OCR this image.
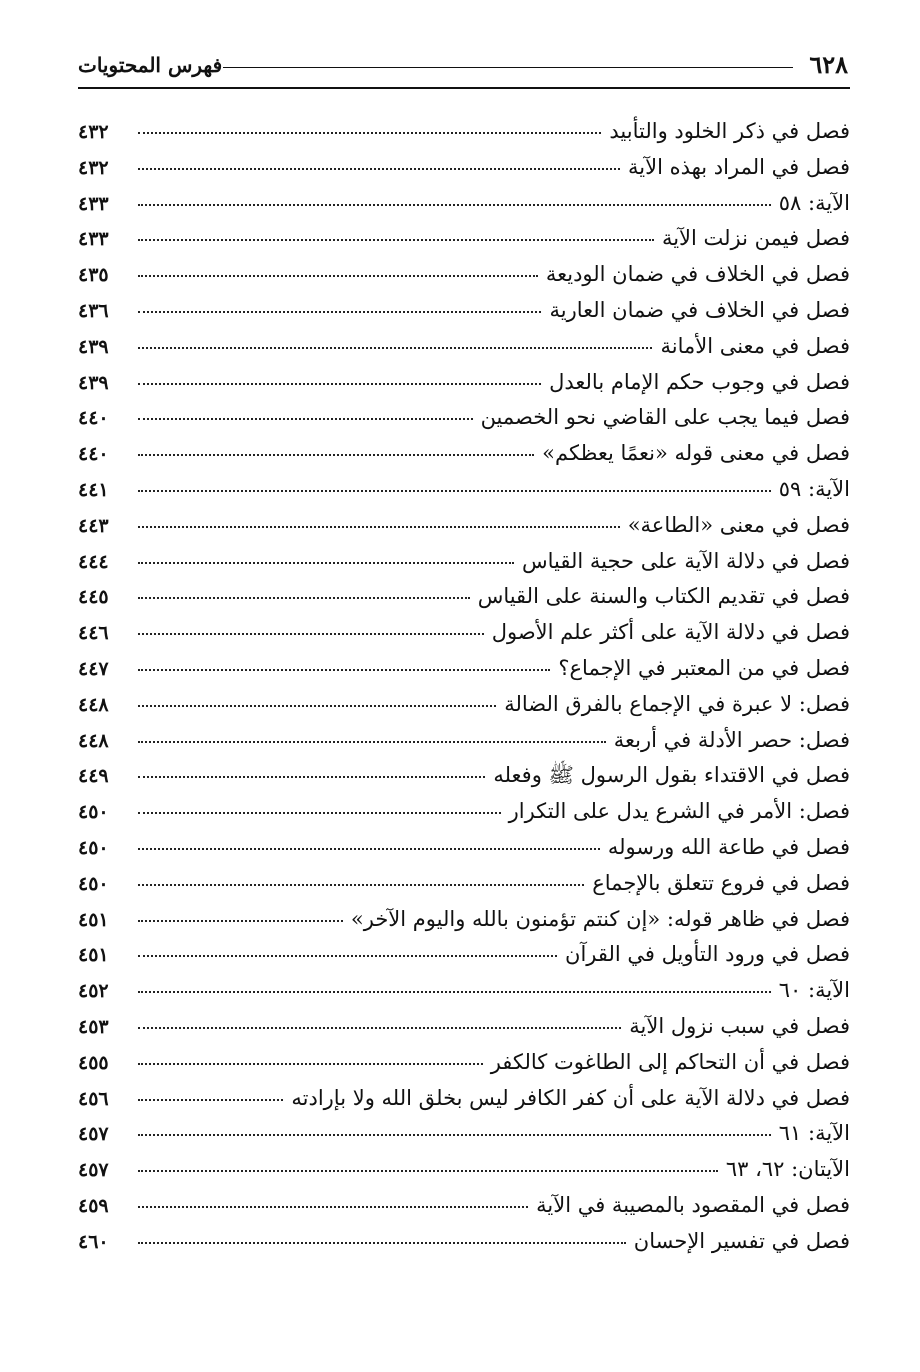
٦٢٨
فهرس المحتويات
فصل في ذكر الخلود والتأبيد
٤٣٢
فصل في المراد بهذه الآية
٤٣٢
الآية: ٥٨
٤٣٣
فصل فيمن نزلت الآية
٤٣٣
فصل في الخلاف في ضمان الوديعة
٤٣٥
فصل في الخلاف في ضمان العارية
٤٣٦
فصل في معنى الأمانة
٤٣٩
فصل في وجوب حكم الإمام بالعدل
٤٣٩
فصل فيما يجب على القاضي نحو الخصمين
٤٤٠
فصل في معنى قوله «نعمًا يعظكم»
٤٤٠
الآية: ٥٩
٤٤١
فصل في معنى «الطاعة»
٤٤٣
فصل في دلالة الآية على حجية القياس
٤٤٤
فصل في تقديم الكتاب والسنة على القياس
٤٤٥
فصل في دلالة الآية على أكثر علم الأصول
٤٤٦
فصل في من المعتبر في الإجماع؟
٤٤٧
فصل: لا عبرة في الإجماع بالفرق الضالة
٤٤٨
فصل: حصر الأدلة في أربعة
٤٤٨
فصل في الاقتداء بقول الرسول ﷺ وفعله
٤٤٩
فصل: الأمر في الشرع يدل على التكرار
٤٥٠
فصل في طاعة الله ورسوله
٤٥٠
فصل في فروع تتعلق بالإجماع
٤٥٠
فصل في ظاهر قوله: «إن كنتم تؤمنون بالله واليوم الآخر»
٤٥١
فصل في ورود التأويل في القرآن
٤٥١
الآية: ٦٠
٤٥٢
فصل في سبب نزول الآية
٤٥٣
فصل في أن التحاكم إلى الطاغوت كالكفر
٤٥٥
فصل في دلالة الآية على أن كفر الكافر ليس بخلق الله ولا بإرادته
٤٥٦
الآية: ٦١
٤٥٧
الآيتان: ٦٢، ٦٣
٤٥٧
فصل في المقصود بالمصيبة في الآية
٤٥٩
فصل في تفسير الإحسان
٤٦٠
